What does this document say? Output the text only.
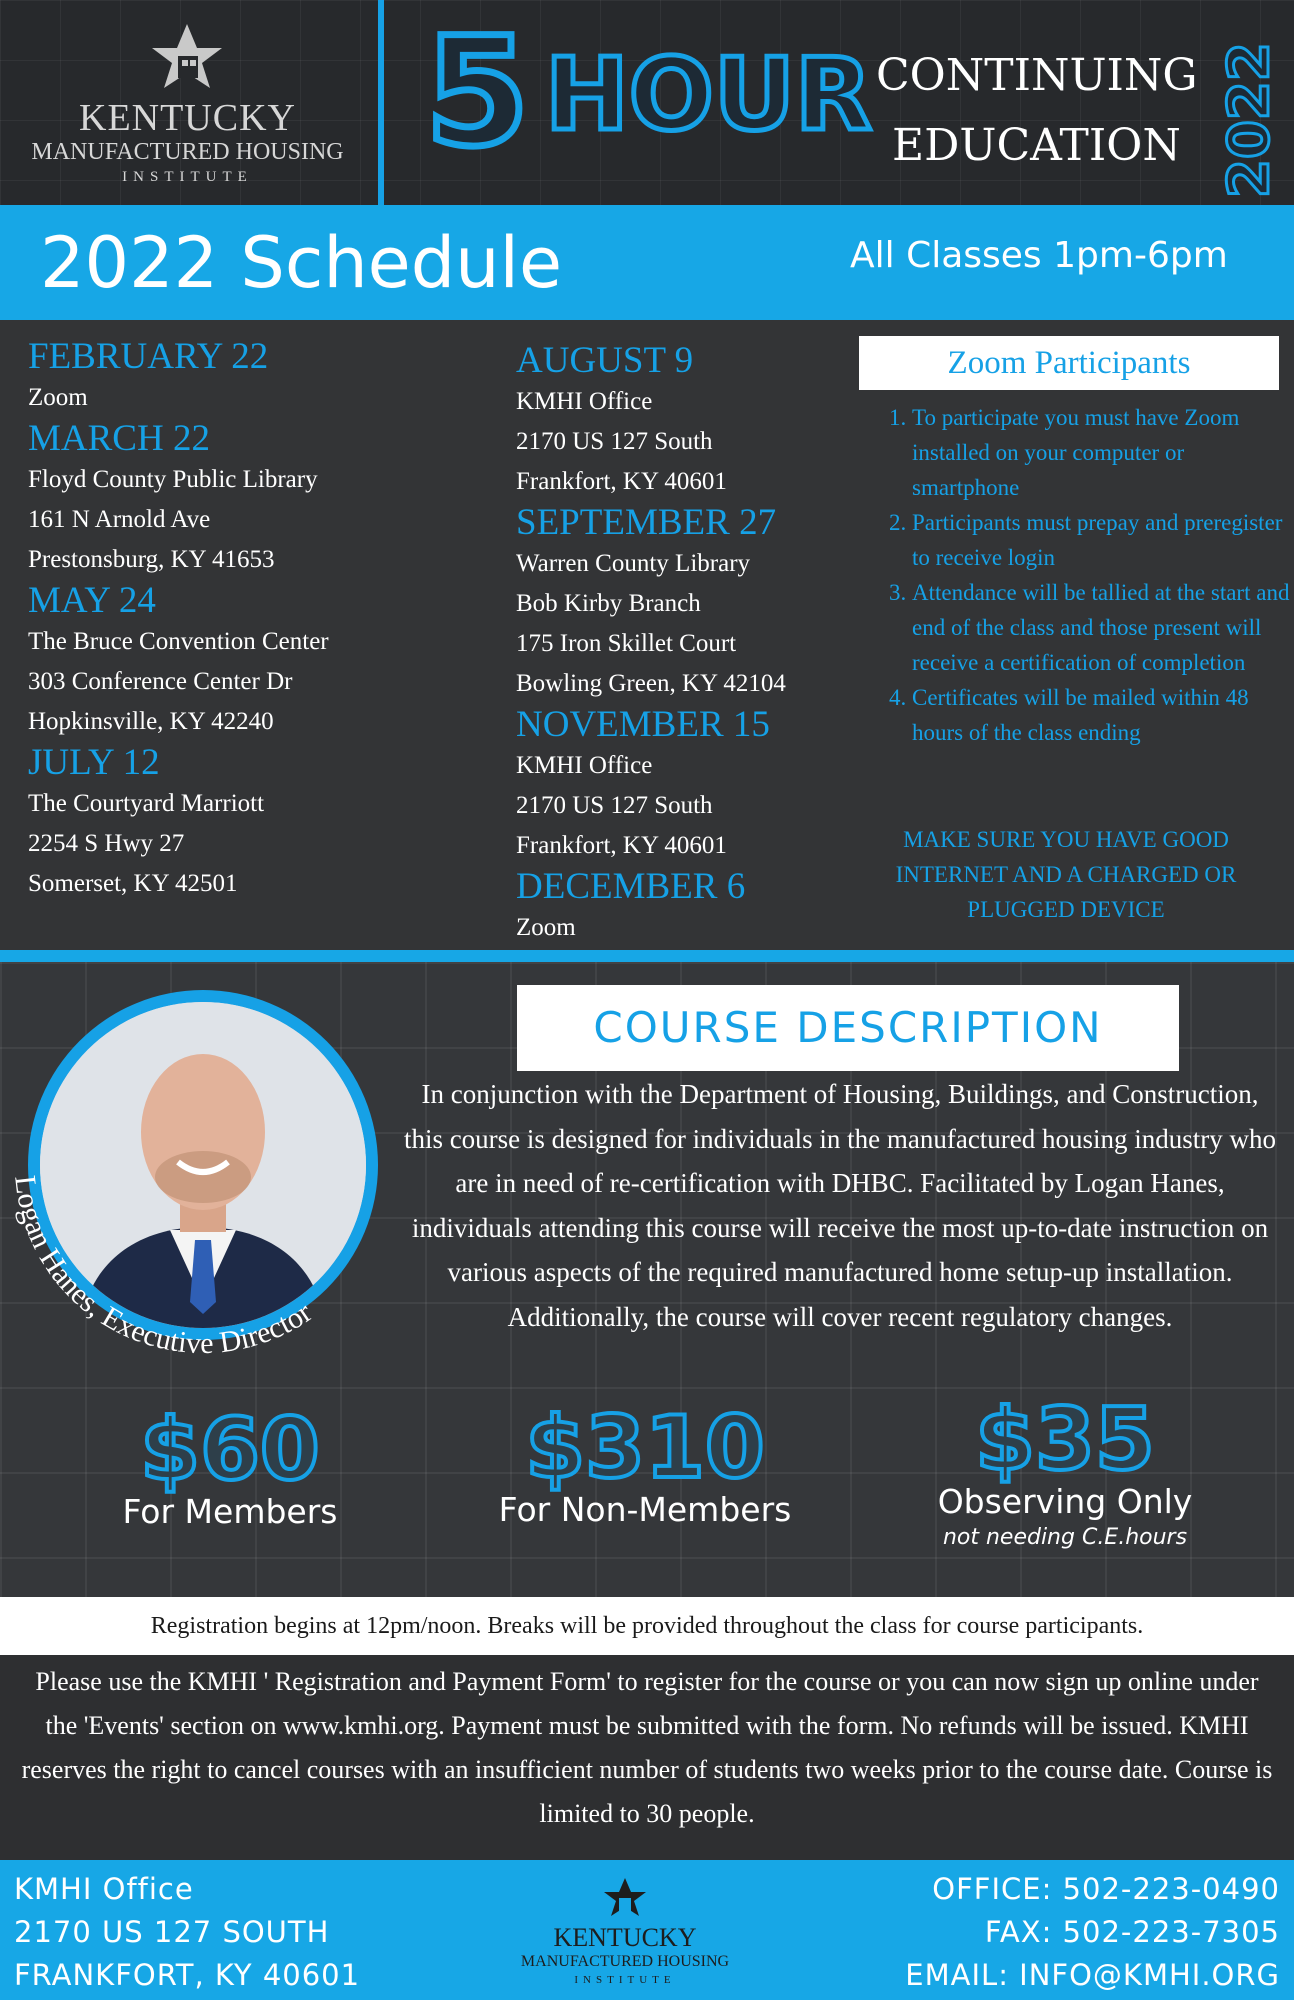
KENTUCKY
MANUFACTURED HOUSING
INSTITUTE	5 HOUR CONTINUING
EDUCATION 2022
2022 Schedule	All Classes 1pm-6pm
FEBRUARY 22
Zoom
MARCH 22
Floyd County Public Library
161 N Arnold Ave
Prestonsburg, KY 41653
MAY 24
The Bruce Convention Center
303 Conference Center Dr
Hopkinsville, KY 42240
JULY 12
The Courtyard Marriott
2254 S Hwy 27
Somerset, KY 42501
AUGUST 9
KMHI Office
2170 US 127 South
Frankfort, KY 40601
SEPTEMBER 27
Warren County Library
Bob Kirby Branch
175 Iron Skillet Court
Bowling Green, KY 42104
NOVEMBER 15
KMHI Office
2170 US 127 South
Frankfort, KY 40601
DECEMBER 6
Zoom
Zoom Participants
1. To participate you must have Zoom installed on your computer or smartphone
2. Participants must prepay and preregister to receive login
3. Attendance will be tallied at the start and end of the class and those present will receive a certification of completion
4. Certificates will be mailed within 48 hours of the class ending
MAKE SURE YOU HAVE GOOD INTERNET AND A CHARGED OR PLUGGED DEVICE
Logan Hanes, Executive Director
COURSE DESCRIPTION
In conjunction with the Department of Housing, Buildings, and Construction, this course is designed for individuals in the manufactured housing industry who are in need of re-certification with DHBC. Facilitated by Logan Hanes, individuals attending this course will receive the most up-to-date instruction on various aspects of the required manufactured home setup-up installation. Additionally, the course will cover recent regulatory changes.
$60
For Members
$310
For Non-Members
$35
Observing Only
not needing C.E.hours
Registration begins at 12pm/noon. Breaks will be provided throughout the class for course participants.
Please use the KMHI ' Registration and Payment Form' to register for the course or you can now sign up online under the 'Events' section on www.kmhi.org. Payment must be submitted with the form. No refunds will be issued. KMHI reserves the right to cancel courses with an insufficient number of students two weeks prior to the course date. Course is limited to 30 people.
KMHI Office
2170 US 127 SOUTH
FRANKFORT, KY 40601
KENTUCKY
MANUFACTURED HOUSING
INSTITUTE
OFFICE: 502-223-0490
FAX: 502-223-7305
EMAIL: INFO@KMHI.ORG
